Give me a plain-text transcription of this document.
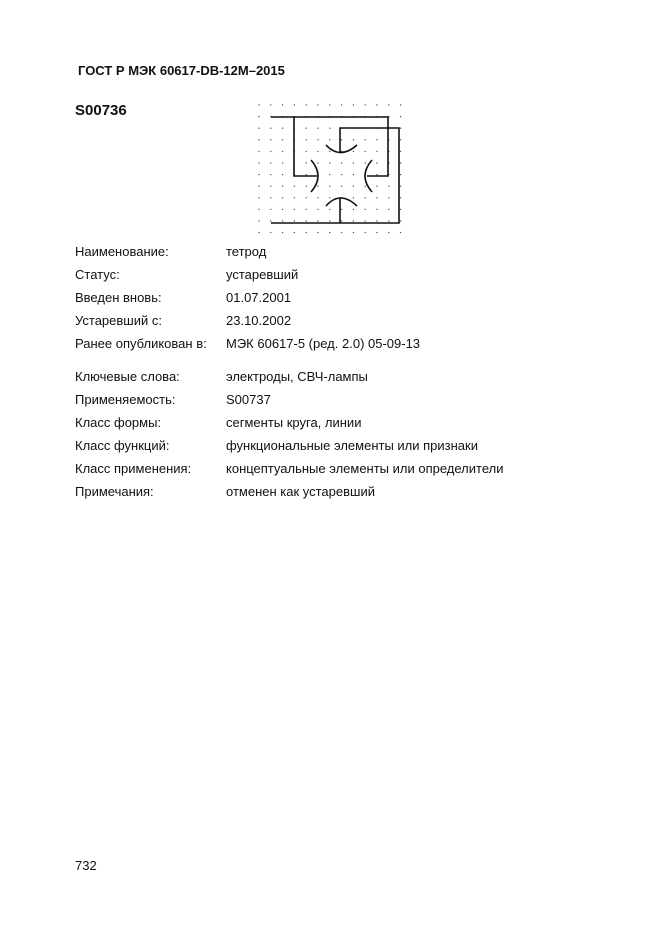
ГОСТ Р МЭК 60617-DB-12M–2015
S00736
Наименование:	тетрод
Статус:	устаревший
Введен вновь:	01.07.2001
Устаревший с:	23.10.2002
Ранее опубликован в: МЭК 60617-5 (ред. 2.0) 05-09-13
Ключевые слова:	электроды, СВЧ-лампы
Применяемость:	S00737
Класс формы:	сегменты круга, линии
Класс функций:	функциональные элементы или признаки
Класс применения:	концептуальные элементы или определители
Примечания:	отменен как устаревший
732
